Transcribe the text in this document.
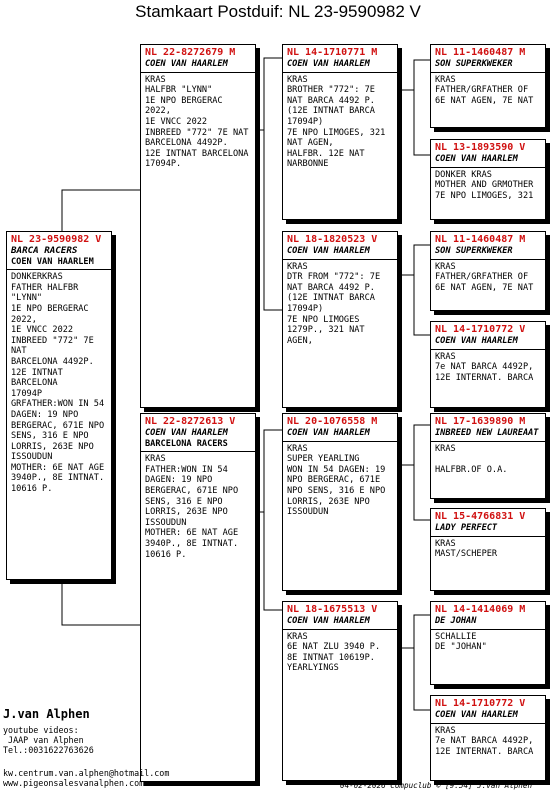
Stamkaart Postduif: NL 23-9590982 V
NL 23-9590982 V
BARCA RACERS
COEN VAN HAARLEM
DONKERKRAS
FATHER HALFBR "LYNN"
1E NPO BERGERAC
2022,
1E VNCC 2022
INBREED "772" 7E NAT
BARCELONA 4492P.
12E INTNAT BARCELONA
17094P
GRFATHER:WON IN 54
DAGEN: 19 NPO
BERGERAC, 671E NPO
SENS, 316 E NPO
LORRIS, 263E NPO
ISSOUDUN
MOTHER: 6E NAT AGE
3940P., 8E INTNAT.
10616 P.
NL 22-8272679 M
COEN VAN HAARLEM
KRAS
HALFBR "LYNN"
1E NPO BERGERAC
2022,
1E VNCC 2022
INBREED "772" 7E NAT
BARCELONA 4492P.
12E INTNAT BARCELONA
17094P.
NL 22-8272613 V
COEN VAN HAARLEM
BARCELONA RACERS
KRAS
FATHER:WON IN 54
DAGEN: 19 NPO
BERGERAC, 671E NPO
SENS, 316 E NPO
LORRIS, 263E NPO
ISSOUDUN
MOTHER: 6E NAT AGE
3940P., 8E INTNAT.
10616 P.
NL 14-1710771 M
COEN VAN HAARLEM
KRAS
BROTHER "772": 7E
NAT BARCA 4492 P.
(12E INTNAT BARCA
17094P)
7E NPO LIMOGES, 321
NAT AGEN,
HALFBR. 12E NAT
NARBONNE
NL 18-1820523 V
COEN VAN HAARLEM
KRAS
DTR FROM "772": 7E
NAT BARCA 4492 P.
(12E INTNAT BARCA
17094P)
7E NPO LIMOGES
1279P., 321 NAT
AGEN,
NL 20-1076558 M
COEN VAN HAARLEM
KRAS
SUPER YEARLING
WON IN 54 DAGEN: 19
NPO BERGERAC, 671E
NPO SENS, 316 E NPO
LORRIS, 263E NPO
ISSOUDUN
NL 18-1675513 V
COEN VAN HAARLEM
KRAS
6E NAT ZLU 3940 P.
8E INTNAT 10619P.
YEARLYINGS
NL 11-1460487 M
SON SUPERKWEKER
KRAS
FATHER/GRFATHER OF
6E NAT AGEN, 7E NAT
NL 13-1893590 V
COEN VAN HAARLEM
DONKER KRAS
MOTHER AND GRMOTHER
7E NPO LIMOGES, 321
NL 11-1460487 M
SON SUPERKWEKER
KRAS
FATHER/GRFATHER OF
6E NAT AGEN, 7E NAT
NL 14-1710772 V
COEN VAN HAARLEM
KRAS
7e NAT BARCA 4492P,
12E INTERNAT. BARCA
NL 17-1639890 M
INBREED NEW LAUREAAT
KRAS

HALFBR.OF O.A.
NL 15-4766831 V
LADY PERFECT
KRAS
MAST/SCHEPER
NL 14-1414069 M
DE JOHAN
SCHALLIE
DE "JOHAN"
NL 14-1710772 V
COEN VAN HAARLEM
KRAS
7e NAT BARCA 4492P,
12E INTERNAT. BARCA
J.van Alphen
youtube videos:
JAAP van Alphen
Tel.:0031622763626
kw.centrum.van.alphen@hotmail.com
www.pigeonsalesvanalphen.com	04-02-2026 Compuclub © [9.54] J.van Alphen
